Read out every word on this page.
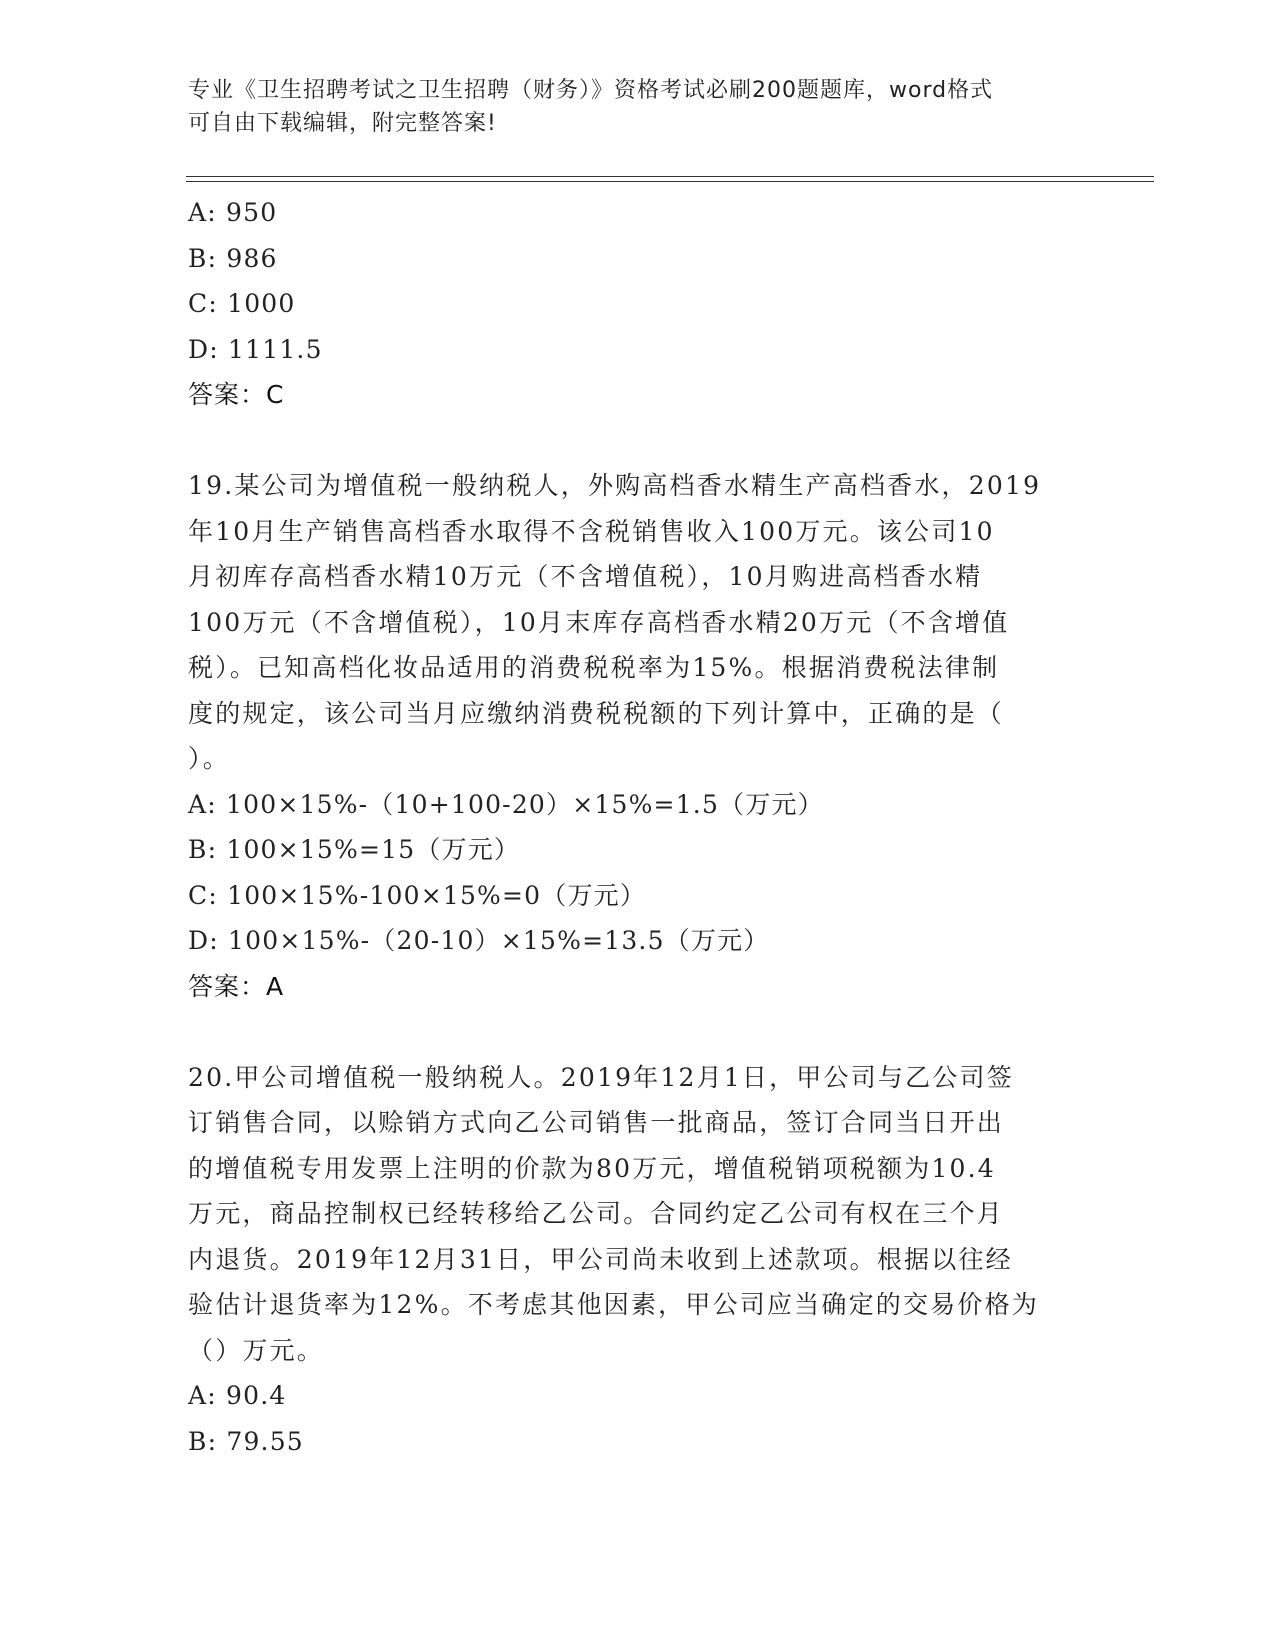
专业《卫生招聘考试之卫生招聘（财务）》资格考试必刷200题题库，word格式
可自由下载编辑，附完整答案!
A: 950
B: 986
C: 1000
D: 1111.5
答案：C
19.某公司为增值税一般纳税人，外购高档香水精生产高档香水，2019
年10月生产销售高档香水取得不含税销售收入100万元。该公司10
月初库存高档香水精10万元（不含增值税），10月购进高档香水精
100万元（不含增值税），10月末库存高档香水精20万元（不含增值
税）。已知高档化妆品适用的消费税税率为15%。根据消费税法律制
度的规定，该公司当月应缴纳消费税税额的下列计算中，正确的是（
）。
A: 100×15%-（10+100-20）×15%=1.5（万元）
B: 100×15%=15（万元）
C: 100×15%-100×15%=0（万元）
D: 100×15%-（20-10）×15%=13.5（万元）
答案：A
20.甲公司增值税一般纳税人。2019年12月1日，甲公司与乙公司签
订销售合同，以赊销方式向乙公司销售一批商品，签订合同当日开出
的增值税专用发票上注明的价款为80万元，增值税销项税额为10.4
万元，商品控制权已经转移给乙公司。合同约定乙公司有权在三个月
内退货。2019年12月31日，甲公司尚未收到上述款项。根据以往经
验估计退货率为12%。不考虑其他因素，甲公司应当确定的交易价格为
（）万元。
A: 90.4
B: 79.55
